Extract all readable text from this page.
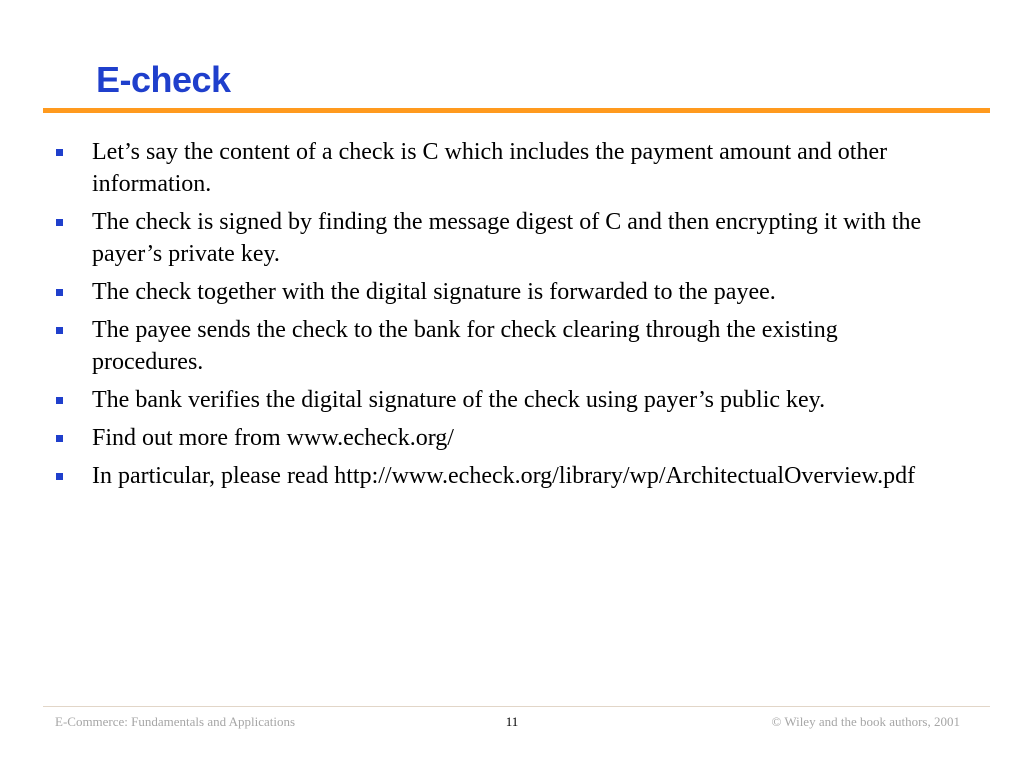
E-check
Let’s say the content of a check is C which includes the payment amount and other information.
The check is signed by finding the message digest of C and then encrypting it with the payer’s private key.
The check together with the digital signature is forwarded to the payee.
The payee sends the check to the bank for check clearing through the existing procedures.
The bank verifies the digital signature of the check using payer’s public key.
Find out more from www.echeck.org/
In particular, please read http://www.echeck.org/library/wp/ArchitectualOverview.pdf
E-Commerce: Fundamentals and Applications	11	© Wiley and the book authors, 2001
